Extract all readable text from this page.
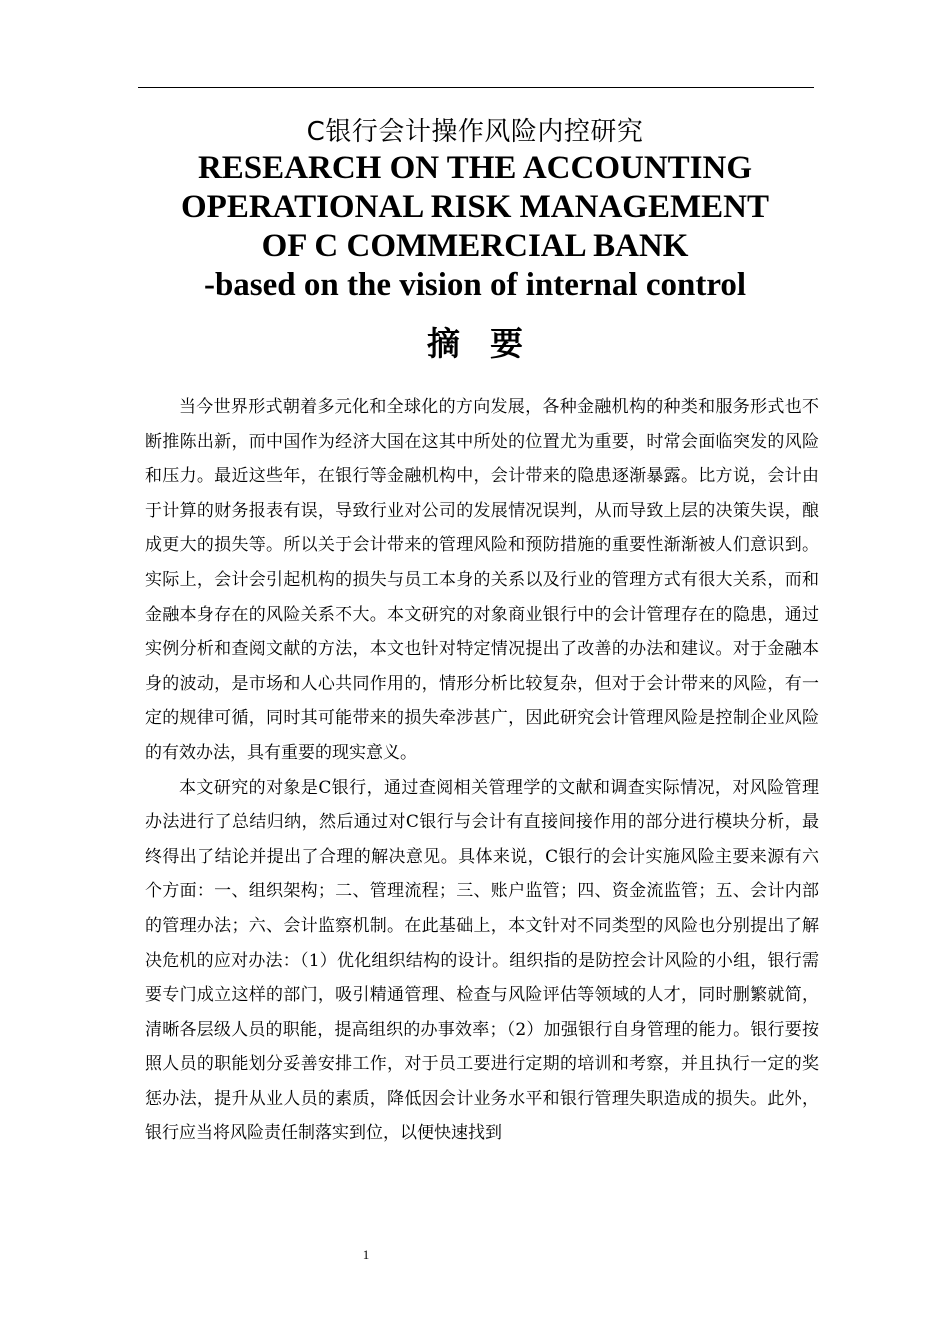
C银行会计操作风险内控研究
RESEARCH ON THE ACCOUNTING
OPERATIONAL RISK MANAGEMENT
OF C COMMERCIAL BANK
-based on the vision of internal control
摘要

当今世界形式朝着多元化和全球化的方向发展，各种金融机构的种类和服务形式也不断推陈出新，而中国作为经济大国在这其中所处的位置尤为重要，时常会面临突发的风险和压力。最近这些年，在银行等金融机构中，会计带来的隐患逐渐暴露。比方说，会计由于计算的财务报表有误，导致行业对公司的发展情况误判，从而导致上层的决策失误，酿成更大的损失等。所以关于会计带来的管理风险和预防措施的重要性渐渐被人们意识到。实际上，会计会引起机构的损失与员工本身的关系以及行业的管理方式有很大关系，而和金融本身存在的风险关系不大。本文研究的对象商业银行中的会计管理存在的隐患，通过实例分析和查阅文献的方法，本文也针对特定情况提出了改善的办法和建议。对于金融本身的波动，是市场和人心共同作用的，情形分析比较复杂，但对于会计带来的风险，有一定的规律可循，同时其可能带来的损失牵涉甚广，因此研究会计管理风险是控制企业风险的有效办法，具有重要的现实意义。

本文研究的对象是C银行，通过查阅相关管理学的文献和调查实际情况，对风险管理办法进行了总结归纳，然后通过对C银行与会计有直接间接作用的部分进行模块分析，最终得出了结论并提出了合理的解决意见。具体来说，C银行的会计实施风险主要来源有六个方面：一、组织架构；二、管理流程；三、账户监管；四、资金流监管；五、会计内部的管理办法；六、会计监察机制。在此基础上，本文针对不同类型的风险也分别提出了解决危机的应对办法：（1）优化组织结构的设计。组织指的是防控会计风险的小组，银行需要专门成立这样的部门，吸引精通管理、检查与风险评估等领域的人才，同时删繁就简，清晰各层级人员的职能，提高组织的办事效率；（2）加强银行自身管理的能力。银行要按照人员的职能划分妥善安排工作，对于员工要进行定期的培训和考察，并且执行一定的奖惩办法，提升从业人员的素质，降低因会计业务水平和银行管理失职造成的损失。此外，银行应当将风险责任制落实到位，以便快速找到

1
